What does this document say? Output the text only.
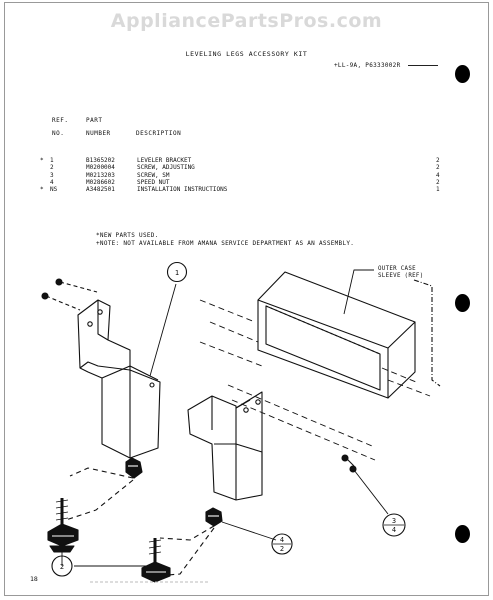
AppliancePartsPros.com
LEVELING LEGS ACCESSORY KIT
+LL-9A, P6333002R
REF.
NO.
PART
NUMBER	DESCRIPTION
*	1	B1365202	LEVELER BRACKET	2
2	M0200004	SCREW, ADJUSTING	2
3	M0213203	SCREW, SM	4
4	M0286602	SPEED NUT	2
*	NS	A3482501	INSTALLATION INSTRUCTIONS	1
*NEW PARTS USED.
+NOTE: NOT AVAILABLE FROM AMANA SERVICE DEPARTMENT AS AN ASSEMBLY.
OUTER CASE
SLEEVE (REF)
1
2
4
2
3
4
18
